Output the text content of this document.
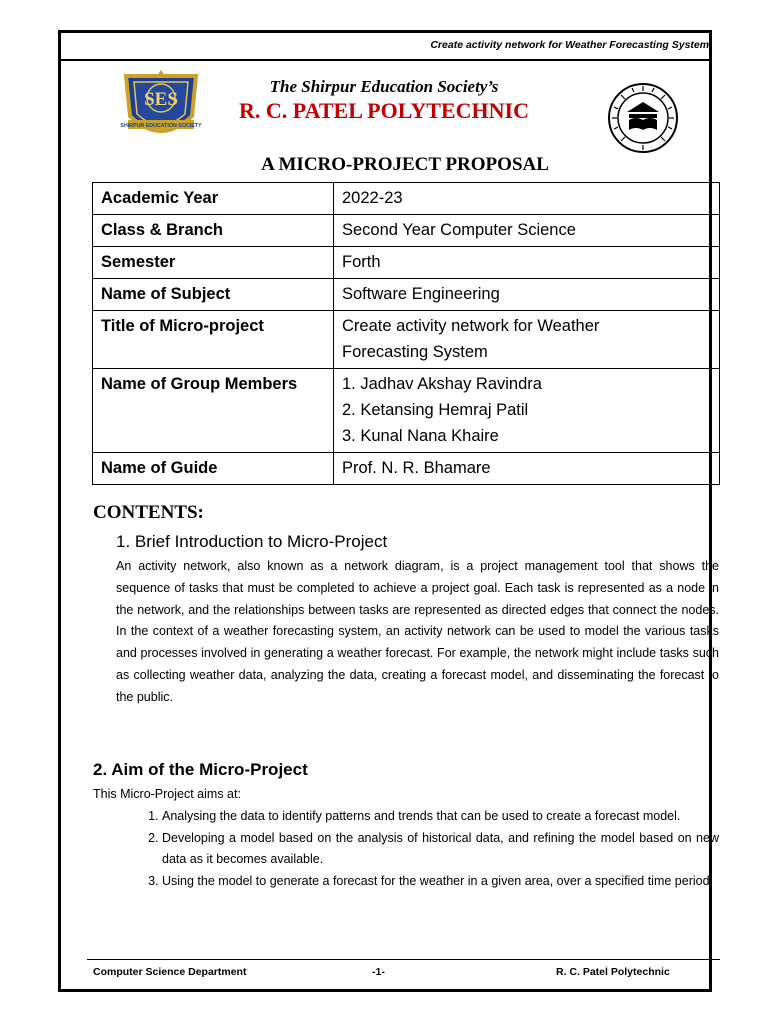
Create activity network for Weather Forecasting System.
SES
SHIRPUR EDUCATION SOCIETY
The Shirpur Education Society’s
R. C. PATEL POLYTECHNIC
A MICRO-PROJECT PROPOSAL
Academic Year	2022-23

Class & Branch	Second Year Computer Science

Semester	Forth

Name of Subject	Software Engineering

Title of Micro-project	Create activity network for Weather
Forecasting System

Name of Group Members	1. Jadhav Akshay Ravindra
2. Ketansing Hemraj Patil
3. Kunal Nana Khaire

Name of Guide	Prof. N. R. Bhamare
CONTENTS:
1. Brief Introduction to Micro-Project
An activity network, also known as a network diagram, is a project management tool that shows the sequence of tasks that must be completed to achieve a project goal. Each task is represented as a node in the network, and the relationships between tasks are represented as directed edges that connect the nodes. In the context of a weather forecasting system, an activity network can be used to model the various tasks and processes involved in generating a weather forecast. For example, the network might include tasks such as collecting weather data, analyzing the data, creating a forecast model, and disseminating the forecast to the public.
2. Aim of the Micro-Project
This Micro-Project aims at:
1. Analysing the data to identify patterns and trends that can be used to create a forecast model.
2. Developing a model based on the analysis of historical data, and refining the model based on new data as it becomes available.
3. Using the model to generate a forecast for the weather in a given area, over a specified time period.
Computer Science Department	-1-	R. C. Patel Polytechnic
